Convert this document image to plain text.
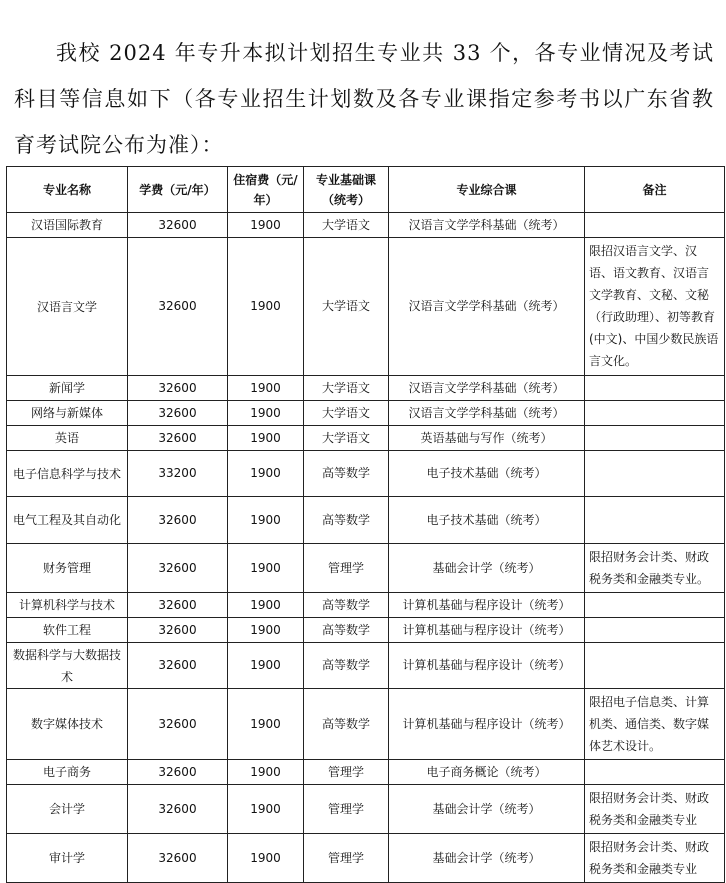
我校 2024 年专升本拟计划招生专业共 33 个，各专业情况及考试科目等信息如下（各专业招生计划数及各专业课指定参考书以广东省教育考试院公布为准）：

专业名称	学费（元/年）	住宿费（元/年）	专业基础课（统考）	专业综合课	备注
汉语国际教育	32600	1900	大学语文	汉语言文学学科基础（统考）	
汉语言文学	32600	1900	大学语文	汉语言文学学科基础（统考）	限招汉语言文学、汉语、语文教育、汉语言文学教育、文秘、文秘（行政助理）、初等教育(中文)、中国少数民族语言文化。
新闻学	32600	1900	大学语文	汉语言文学学科基础（统考）	
网络与新媒体	32600	1900	大学语文	汉语言文学学科基础（统考）	
英语	32600	1900	大学语文	英语基础与写作（统考）	
电子信息科学与技术	33200	1900	高等数学	电子技术基础（统考）	
电气工程及其自动化	32600	1900	高等数学	电子技术基础（统考）	
财务管理	32600	1900	管理学	基础会计学（统考）	限招财务会计类、财政税务类和金融类专业。
计算机科学与技术	32600	1900	高等数学	计算机基础与程序设计（统考）	
软件工程	32600	1900	高等数学	计算机基础与程序设计（统考）	
数据科学与大数据技术	32600	1900	高等数学	计算机基础与程序设计（统考）	
数字媒体技术	32600	1900	高等数学	计算机基础与程序设计（统考）	限招电子信息类、计算机类、通信类、数字媒体艺术设计。
电子商务	32600	1900	管理学	电子商务概论（统考）	
会计学	32600	1900	管理学	基础会计学（统考）	限招财务会计类、财政税务类和金融类专业
审计学	32600	1900	管理学	基础会计学（统考）	限招财务会计类、财政税务类和金融类专业
